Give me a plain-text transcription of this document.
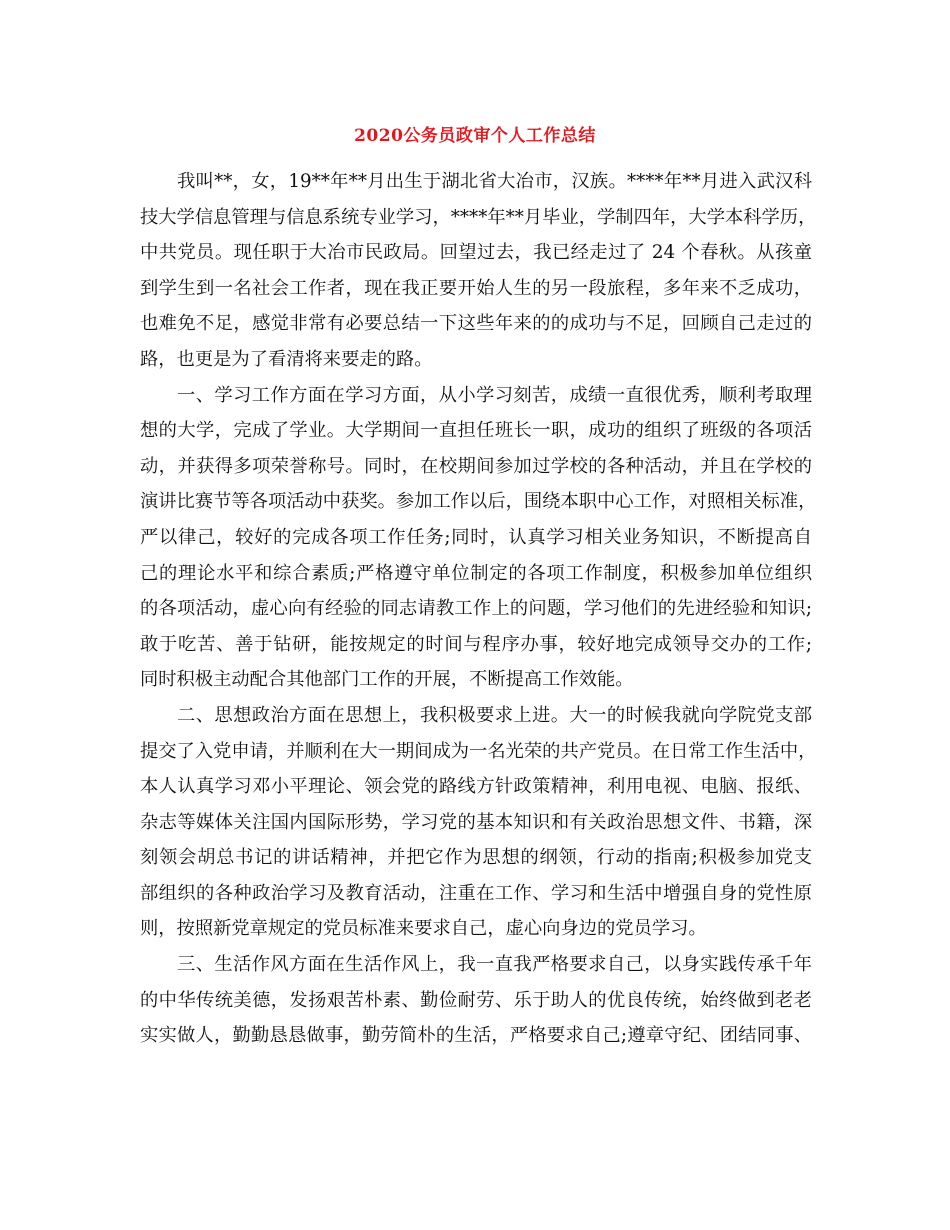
2020公务员政审个人工作总结
我叫**，女，19**年**月出生于湖北省大冶市，汉族。****年**月进入武汉科
技大学信息管理与信息系统专业学习，****年**月毕业，学制四年，大学本科学历，
中共党员。现任职于大冶市民政局。回望过去，我已经走过了 24 个春秋。从孩童
到学生到一名社会工作者，现在我正要开始人生的另一段旅程，多年来不乏成功，
也难免不足，感觉非常有必要总结一下这些年来的的成功与不足，回顾自己走过的
路，也更是为了看清将来要走的路。
一、学习工作方面在学习方面，从小学习刻苦，成绩一直很优秀，顺利考取理
想的大学，完成了学业。大学期间一直担任班长一职，成功的组织了班级的各项活
动，并获得多项荣誉称号。同时，在校期间参加过学校的各种活动，并且在学校的
演讲比赛节等各项活动中获奖。参加工作以后，围绕本职中心工作，对照相关标准，
严以律己，较好的完成各项工作任务;同时，认真学习相关业务知识，不断提高自
己的理论水平和综合素质;严格遵守单位制定的各项工作制度，积极参加单位组织
的各项活动，虚心向有经验的同志请教工作上的问题，学习他们的先进经验和知识;
敢于吃苦、善于钻研，能按规定的时间与程序办事，较好地完成领导交办的工作;
同时积极主动配合其他部门工作的开展，不断提高工作效能。
二、思想政治方面在思想上，我积极要求上进。大一的时候我就向学院党支部
提交了入党申请，并顺利在大一期间成为一名光荣的共产党员。在日常工作生活中，
本人认真学习邓小平理论、领会党的路线方针政策精神，利用电视、电脑、报纸、
杂志等媒体关注国内国际形势，学习党的基本知识和有关政治思想文件、书籍，深
刻领会胡总书记的讲话精神，并把它作为思想的纲领，行动的指南;积极参加党支
部组织的各种政治学习及教育活动，注重在工作、学习和生活中增强自身的党性原
则，按照新党章规定的党员标准来要求自己，虚心向身边的党员学习。
三、生活作风方面在生活作风上，我一直我严格要求自己，以身实践传承千年
的中华传统美德，发扬艰苦朴素、勤俭耐劳、乐于助人的优良传统，始终做到老老
实实做人，勤勤恳恳做事，勤劳简朴的生活，严格要求自己;遵章守纪、团结同事、
